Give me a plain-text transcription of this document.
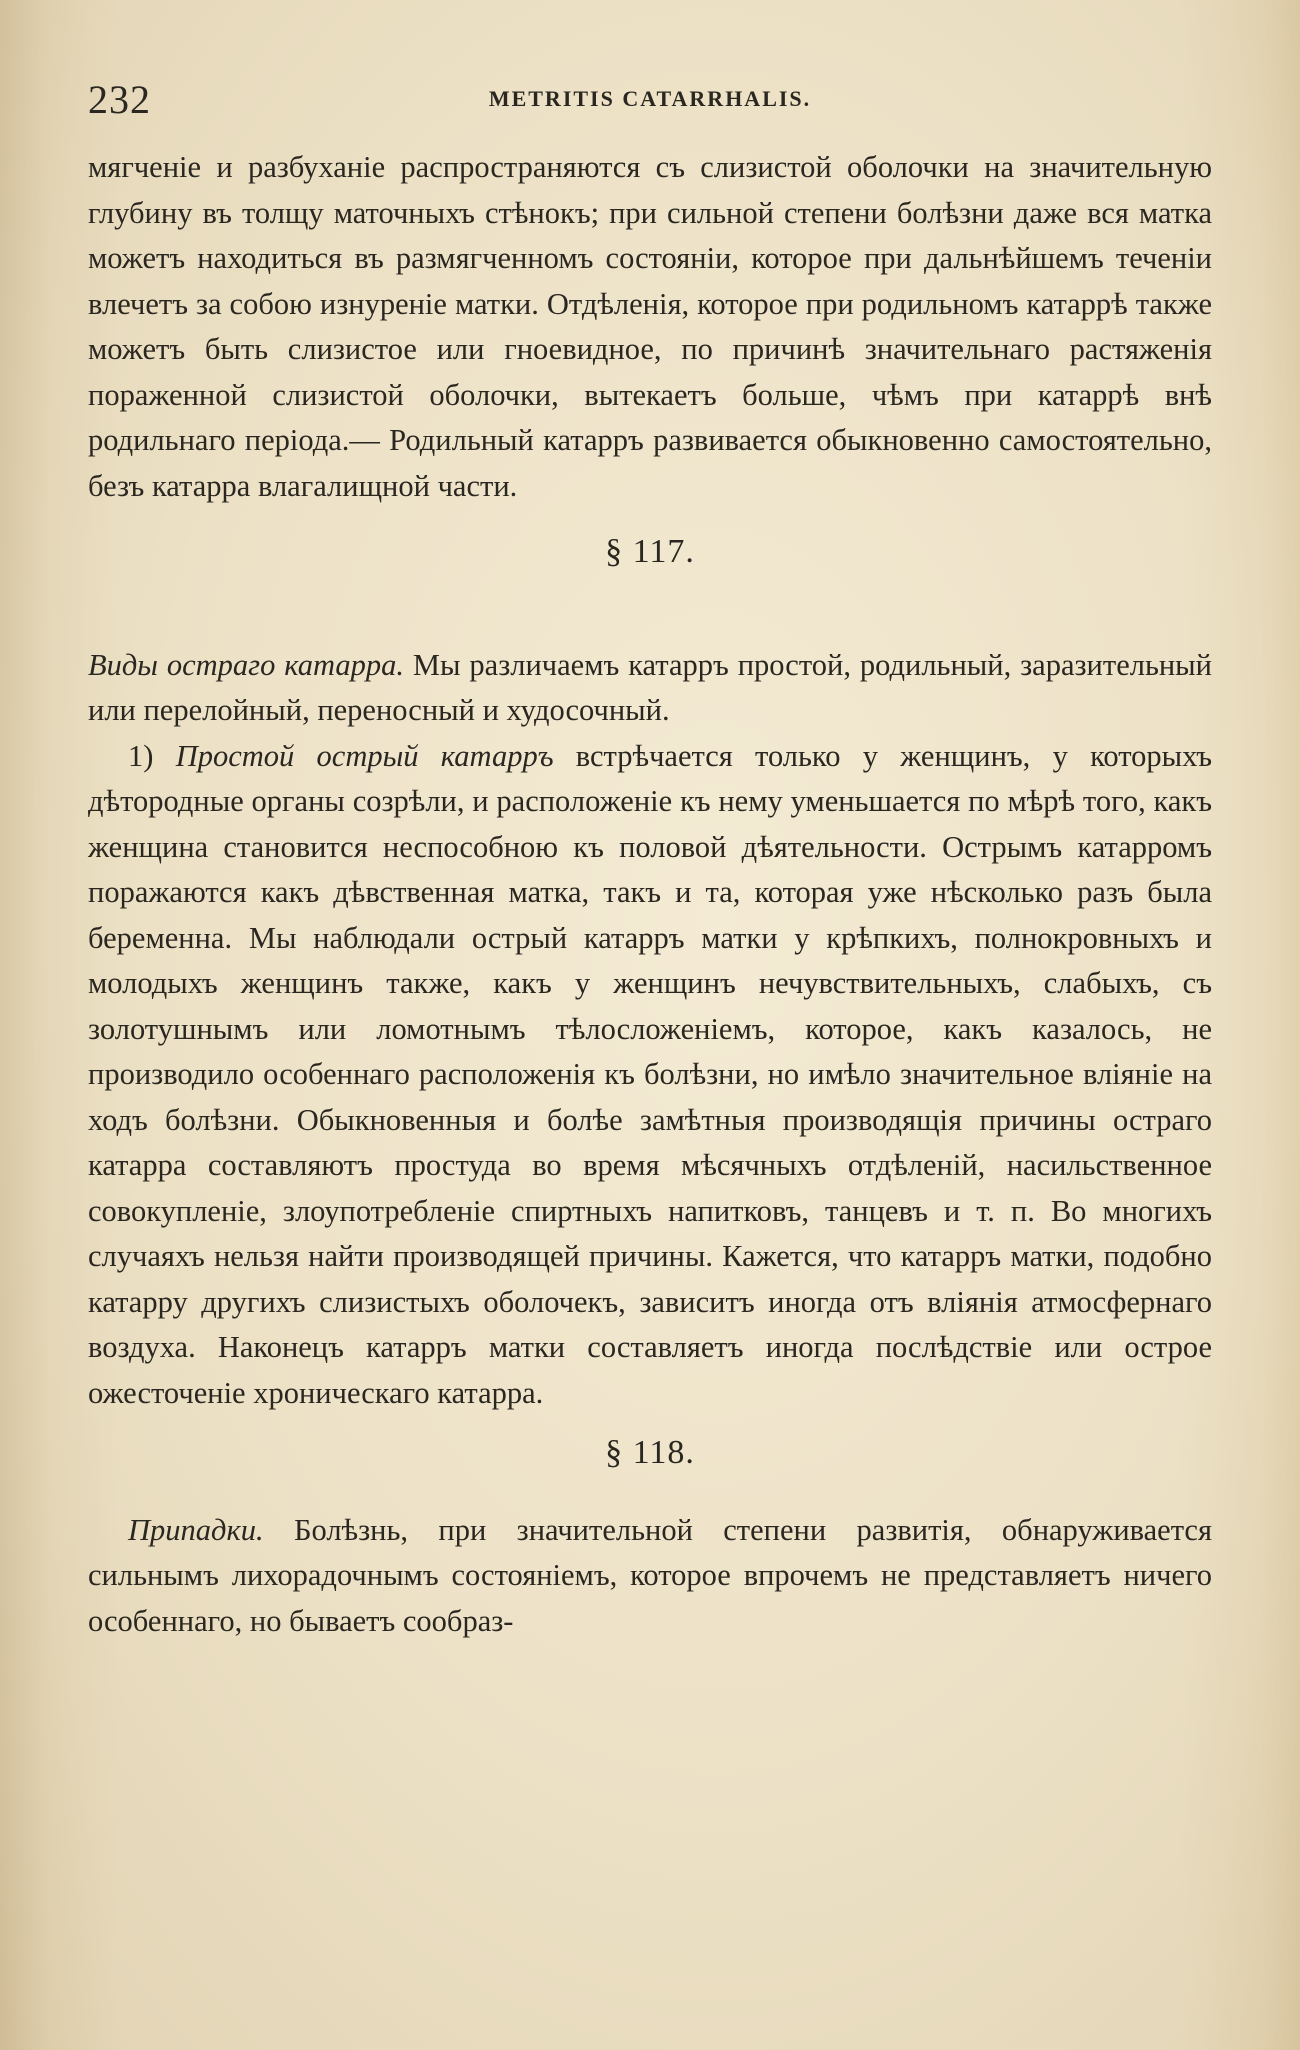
232	METRITIS CATARRHALIS.

мягченіе и разбуханіе распространяются съ слизистой оболочки на значительную глубину въ толщу маточныхъ стѣнокъ; при сильной степени болѣзни даже вся матка можетъ находиться въ размягченномъ состояніи, которое при дальнѣйшемъ теченіи влечетъ за собою изнуреніе матки. Отдѣленія, которое при родильномъ катаррѣ также можетъ быть слизистое или гноевидное, по причинѣ значительнаго растяженія пораженной слизистой оболочки, вытекаетъ больше, чѣмъ при катаррѣ внѣ родильнаго періода.— Родильный катарръ развивается обыкновенно самостоятельно, безъ катарра влагалищной части.

§ 117.

Виды остраго катарра. Мы различаемъ катарръ простой, родильный, заразительный или перелойный, переносный и худосочный.

1) Простой острый катарръ встрѣчается только у женщинъ, у которыхъ дѣтородные органы созрѣли, и расположеніе къ нему уменьшается по мѣрѣ того, какъ женщина становится неспособною къ половой дѣятельности. Острымъ катарромъ поражаются какъ дѣвственная матка, такъ и та, которая уже нѣсколько разъ была беременна. Мы наблюдали острый катарръ матки у крѣпкихъ, полнокровныхъ и молодыхъ женщинъ также, какъ у женщинъ нечувствительныхъ, слабыхъ, съ золотушнымъ или ломотнымъ тѣлосложеніемъ, которое, какъ казалось, не производило особеннаго расположенія къ болѣзни, но имѣло значительное вліяніе на ходъ болѣзни. Обыкновенныя и болѣе замѣтныя производящія причины остраго катарра составляютъ простуда во время мѣсячныхъ отдѣленій, насильственное совокупленіе, злоупотребленіе спиртныхъ напитковъ, танцевъ и т. п. Во многихъ случаяхъ нельзя найти производящей причины. Кажется, что катарръ матки, подобно катарру другихъ слизистыхъ оболочекъ, зависитъ иногда отъ вліянія атмосфернаго воздуха. Наконецъ катарръ матки составляетъ иногда послѣдствіе или острое ожесточеніе хроническаго катарра.

§ 118.

Припадки. Болѣзнь, при значительной степени развитія, обнаруживается сильнымъ лихорадочнымъ состояніемъ, которое впрочемъ не представляетъ ничего особеннаго, но бываетъ сообраз-
